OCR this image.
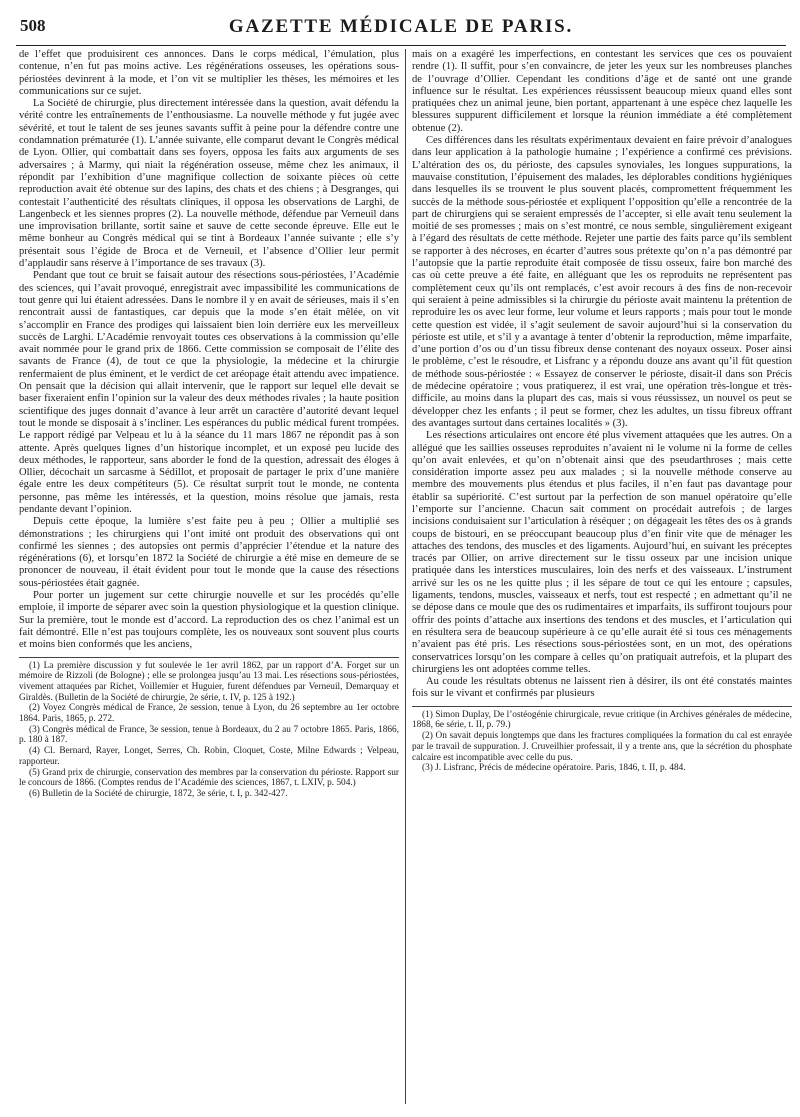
508	GAZETTE MÉDICALE DE PARIS.

de l’effet que produisirent ces annonces. Dans le corps médical, l’émulation, plus contenue, n’en fut pas moins active. Les régénérations osseuses, les opérations sous-périostées devinrent à la mode, et l’on vit se multiplier les thèses, les mémoires et les communications sur ce sujet.

La Société de chirurgie, plus directement intéressée dans la question, avait défendu la vérité contre les entraînements de l’enthousiasme. La nouvelle méthode y fut jugée avec sévérité, et tout le talent de ses jeunes savants suffit à peine pour la défendre contre une condamnation prématurée (1). L’année suivante, elle comparut devant le Congrès médical de Lyon. Ollier, qui combattait dans ses foyers, opposa les faits aux arguments de ses adversaires ; à Marmy, qui niait la régénération osseuse, même chez les animaux, il répondit par l’exhibition d’une magnifique collection de soixante pièces où cette reproduction avait été obtenue sur des lapins, des chats et des chiens ; à Desgranges, qui contestait l’authenticité des résultats cliniques, il opposa les observations de Larghi, de Langenbeck et les siennes propres (2). La nouvelle méthode, défendue par Verneuil dans une improvisation brillante, sortit saine et sauve de cette seconde épreuve. Elle eut le même bonheur au Congrès médical qui se tint à Bordeaux l’année suivante ; elle s’y présentait sous l’égide de Broca et de Verneuil, et l’absence d’Ollier leur permit d’applaudir sans réserve à l’importance de ses travaux (3).

Pendant que tout ce bruit se faisait autour des résections sous-périostées, l’Académie des sciences, qui l’avait provoqué, enregistrait avec impassibilité les communications de tout genre qui lui étaient adressées. Dans le nombre il y en avait de sérieuses, mais il s’en rencontrait aussi de fantastiques, car depuis que la mode s’en était mêlée, on vit s’accomplir en France des prodiges qui laissaient bien loin derrière eux les merveilleux succès de Larghi. L’Académie renvoyait toutes ces observations à la commission qu’elle avait nommée pour le grand prix de 1866. Cette commission se composait de l’élite des savants de France (4), de tout ce que la physiologie, la médecine et la chirurgie renfermaient de plus éminent, et le verdict de cet aréopage était attendu avec impatience. On pensait que la décision qui allait intervenir, que le rapport sur lequel elle devait se baser fixeraient enfin l’opinion sur la valeur des deux méthodes rivales ; la haute position scientifique des juges donnait d’avance à leur arrêt un caractère d’autorité devant lequel tout le monde se disposait à s’incliner. Les espérances du public médical furent trompées. Le rapport rédigé par Velpeau et lu à la séance du 11 mars 1867 ne répondit pas à son attente. Après quelques lignes d’un historique incomplet, et un exposé peu lucide des deux méthodes, le rapporteur, sans aborder le fond de la question, adressait des éloges à Ollier, décochait un sarcasme à Sédillot, et proposait de partager le prix d’une manière égale entre les deux compétiteurs (5). Ce résultat surprit tout le monde, ne contenta personne, pas même les intéressés, et la question, moins résolue que jamais, resta pendante devant l’opinion.

Depuis cette époque, la lumière s’est faite peu à peu ; Ollier a multiplié ses démonstrations ; les chirurgiens qui l’ont imité ont produit des observations qui ont confirmé les siennes ; des autopsies ont permis d’apprécier l’étendue et la nature des régénérations (6), et lorsqu’en 1872 la Société de chirurgie a été mise en demeure de se prononcer de nouveau, il était évident pour tout le monde que la cause des résections sous-périostées était gagnée.

Pour porter un jugement sur cette chirurgie nouvelle et sur les procédés qu’elle emploie, il importe de séparer avec soin la question physiologique et la question clinique. Sur la première, tout le monde est d’accord. La reproduction des os chez l’animal est un fait démontré. Elle n’est pas toujours complète, les os nouveaux sont souvent plus courts et moins bien conformés que les anciens,

(1) La première discussion y fut soulevée le 1er avril 1862, par un rapport d’A. Forget sur un mémoire de Rizzoli (de Bologne) ; elle se prolongea jusqu’au 13 mai. Les résections sous-périostées, vivement attaquées par Richet, Voillemier et Huguier, furent défendues par Verneuil, Demarquay et Giraldès. (Bulletin de la Société de chirurgie, 2e série, t. IV, p. 125 à 192.)

(2) Voyez Congrès médical de France, 2e session, tenue à Lyon, du 26 septembre au 1er octobre 1864. Paris, 1865, p. 272.

(3) Congrès médical de France, 3e session, tenue à Bordeaux, du 2 au 7 octobre 1865. Paris, 1866, p. 180 à 187.

(4) Cl. Bernard, Rayer, Longet, Serres, Ch. Robin, Cloquet, Coste, Milne Edwards ; Velpeau, rapporteur.

(5) Grand prix de chirurgie, conservation des membres par la conservation du périoste. Rapport sur le concours de 1866. (Comptes rendus de l’Académie des sciences, 1867, t. LXIV, p. 504.)

(6) Bulletin de la Société de chirurgie, 1872, 3e série, t. I, p. 342-427.

mais on a exagéré les imperfections, en contestant les services que ces os pouvaient rendre (1). Il suffit, pour s’en convaincre, de jeter les yeux sur les nombreuses planches de l’ouvrage d’Ollier. Cependant les conditions d’âge et de santé ont une grande influence sur le résultat. Les expériences réussissent beaucoup mieux quand elles sont pratiquées chez un animal jeune, bien portant, appartenant à une espèce chez laquelle les blessures suppurent difficilement et lorsque la réunion immédiate a été complètement obtenue (2).

Ces différences dans les résultats expérimentaux devaient en faire prévoir d’analogues dans leur application à la pathologie humaine ; l’expérience a confirmé ces prévisions. L’altération des os, du périoste, des capsules synoviales, les longues suppurations, la mauvaise constitution, l’épuisement des malades, les déplorables conditions hygiéniques dans lesquelles ils se trouvent le plus souvent placés, compromettent fréquemment les succès de la méthode sous-périostée et expliquent l’opposition qu’elle a rencontrée de la part de chirurgiens qui se seraient empressés de l’accepter, si elle avait tenu seulement la moitié de ses promesses ; mais on s’est montré, ce nous semble, singulièrement exigeant à l’égard des résultats de cette méthode. Rejeter une partie des faits parce qu’ils semblent se rapporter à des nécroses, en écarter d’autres sous prétexte qu’on n’a pas démontré par l’autopsie que la partie reproduite était composée de tissu osseux, faire bon marché des cas où cette preuve a été faite, en alléguant que les os reproduits ne représentent pas complètement ceux qu’ils ont remplacés, c’est avoir recours à des fins de non-recevoir qui seraient à peine admissibles si la chirurgie du périoste avait maintenu la prétention de reproduire les os avec leur forme, leur volume et leurs rapports ; mais pour tout le monde cette question est vidée, il s’agit seulement de savoir aujourd’hui si la conservation du périoste est utile, et s’il y a avantage à tenter d’obtenir la reproduction, même imparfaite, d’une portion d’os ou d’un tissu fibreux dense contenant des noyaux osseux. Poser ainsi le problème, c’est le résoudre, et Lisfranc y a répondu douze ans avant qu’il fût question de méthode sous-périostée : « Essayez de conserver le périoste, disait-il dans son Précis de médecine opératoire ; vous pratiquerez, il est vrai, une opération très-longue et très-difficile, au moins dans la plupart des cas, mais si vous réussissez, un nouvel os peut se développer chez les enfants ; il peut se former, chez les adultes, un tissu fibreux offrant des avantages surtout dans certaines localités » (3).

Les résections articulaires ont encore été plus vivement attaquées que les autres. On a allégué que les saillies osseuses reproduites n’avaient ni le volume ni la forme de celles qu’on avait enlevées, et qu’on n’obtenait ainsi que des pseudarthroses ; mais cette considération importe assez peu aux malades ; si la nouvelle méthode conserve au membre des mouvements plus étendus et plus faciles, il n’en faut pas davantage pour établir sa supériorité. C’est surtout par la perfection de son manuel opératoire qu’elle l’emporte sur l’ancienne. Chacun sait comment on procédait autrefois ; de larges incisions conduisaient sur l’articulation à réséquer ; on dégageait les têtes des os à grands coups de bistouri, en se préoccupant beaucoup plus d’en finir vite que de ménager les attaches des tendons, des muscles et des ligaments. Aujourd’hui, en suivant les préceptes tracés par Ollier, on arrive directement sur le tissu osseux par une incision unique pratiquée dans les interstices musculaires, loin des nerfs et des vaisseaux. L’instrument arrivé sur les os ne les quitte plus ; il les sépare de tout ce qui les entoure ; capsules, ligaments, tendons, muscles, vaisseaux et nerfs, tout est respecté ; en admettant qu’il ne se dépose dans ce moule que des os rudimentaires et imparfaits, ils suffiront toujours pour offrir des points d’attache aux insertions des tendons et des muscles, et l’articulation qui en résultera sera de beaucoup supérieure à ce qu’elle aurait été si tous ces ménagements n’avaient pas été pris. Les résections sous-périostées sont, en un mot, des opérations conservatrices lorsqu’on les compare à celles qu’on pratiquait autrefois, et la plupart des chirurgiens les ont adoptées comme telles.

Au coude les résultats obtenus ne laissent rien à désirer, ils ont été constatés maintes fois sur le vivant et confirmés par plusieurs

(1) Simon Duplay, De l’ostéogénie chirurgicale, revue critique (in Archives générales de médecine, 1868, 6e série, t. II, p. 79.)

(2) On savait depuis longtemps que dans les fractures compliquées la formation du cal est enrayée par le travail de suppuration. J. Cruveilhier professait, il y a trente ans, que la sécrétion du phosphate calcaire est incompatible avec celle du pus.

(3) J. Lisfranc, Précis de médecine opératoire. Paris, 1846, t. II, p. 484.
